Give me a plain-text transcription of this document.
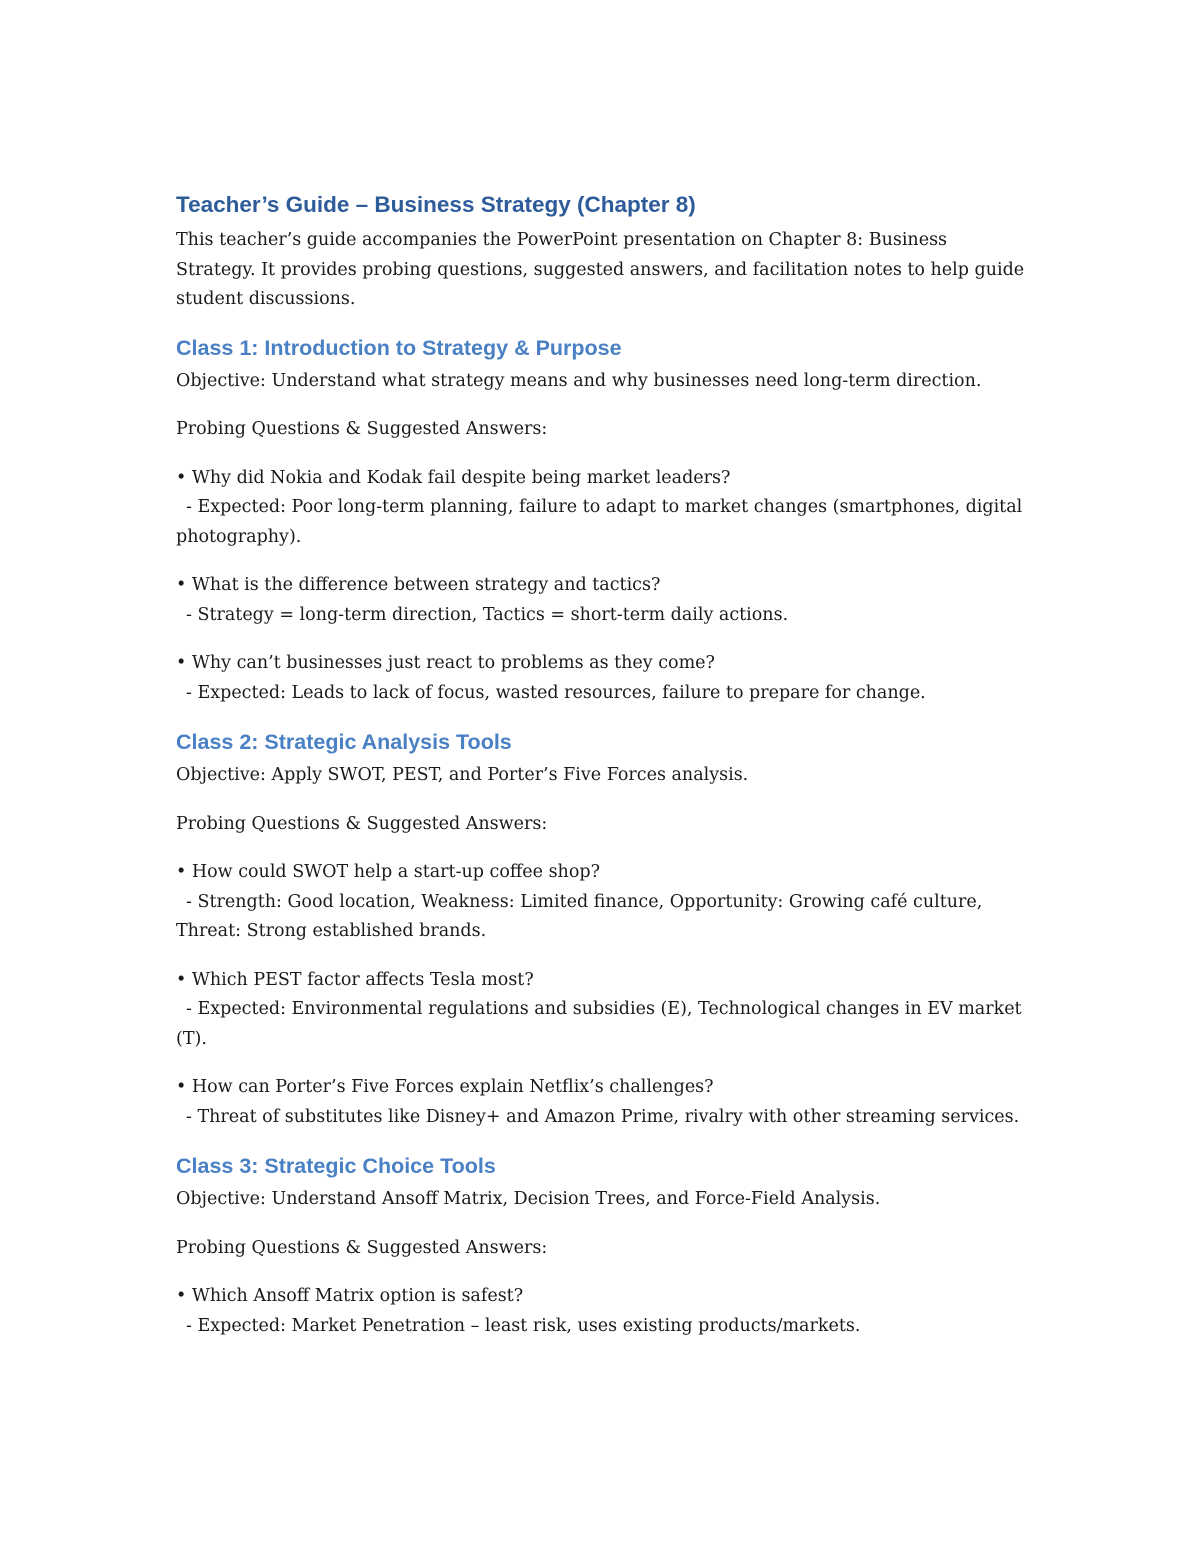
Teacher’s Guide – Business Strategy (Chapter 8)

This teacher’s guide accompanies the PowerPoint presentation on Chapter 8: Business Strategy. It provides probing questions, suggested answers, and facilitation notes to help guide student discussions.

Class 1: Introduction to Strategy & Purpose

Objective: Understand what strategy means and why businesses need long-term direction.

Probing Questions & Suggested Answers:

• Why did Nokia and Kodak fail despite being market leaders?
- Expected: Poor long-term planning, failure to adapt to market changes (smartphones, digital photography).
• What is the difference between strategy and tactics?
- Strategy = long-term direction, Tactics = short-term daily actions.
• Why can’t businesses just react to problems as they come?
- Expected: Leads to lack of focus, wasted resources, failure to prepare for change.
Class 2: Strategic Analysis Tools

Objective: Apply SWOT, PEST, and Porter’s Five Forces analysis.

Probing Questions & Suggested Answers:

• How could SWOT help a start-up coffee shop?
- Strength: Good location, Weakness: Limited finance, Opportunity: Growing café culture, Threat: Strong established brands.
• Which PEST factor affects Tesla most?
- Expected: Environmental regulations and subsidies (E), Technological changes in EV market (T).
• How can Porter’s Five Forces explain Netflix’s challenges?
- Threat of substitutes like Disney+ and Amazon Prime, rivalry with other streaming services.
Class 3: Strategic Choice Tools

Objective: Understand Ansoff Matrix, Decision Trees, and Force-Field Analysis.

Probing Questions & Suggested Answers:

• Which Ansoff Matrix option is safest?
- Expected: Market Penetration – least risk, uses existing products/markets.
